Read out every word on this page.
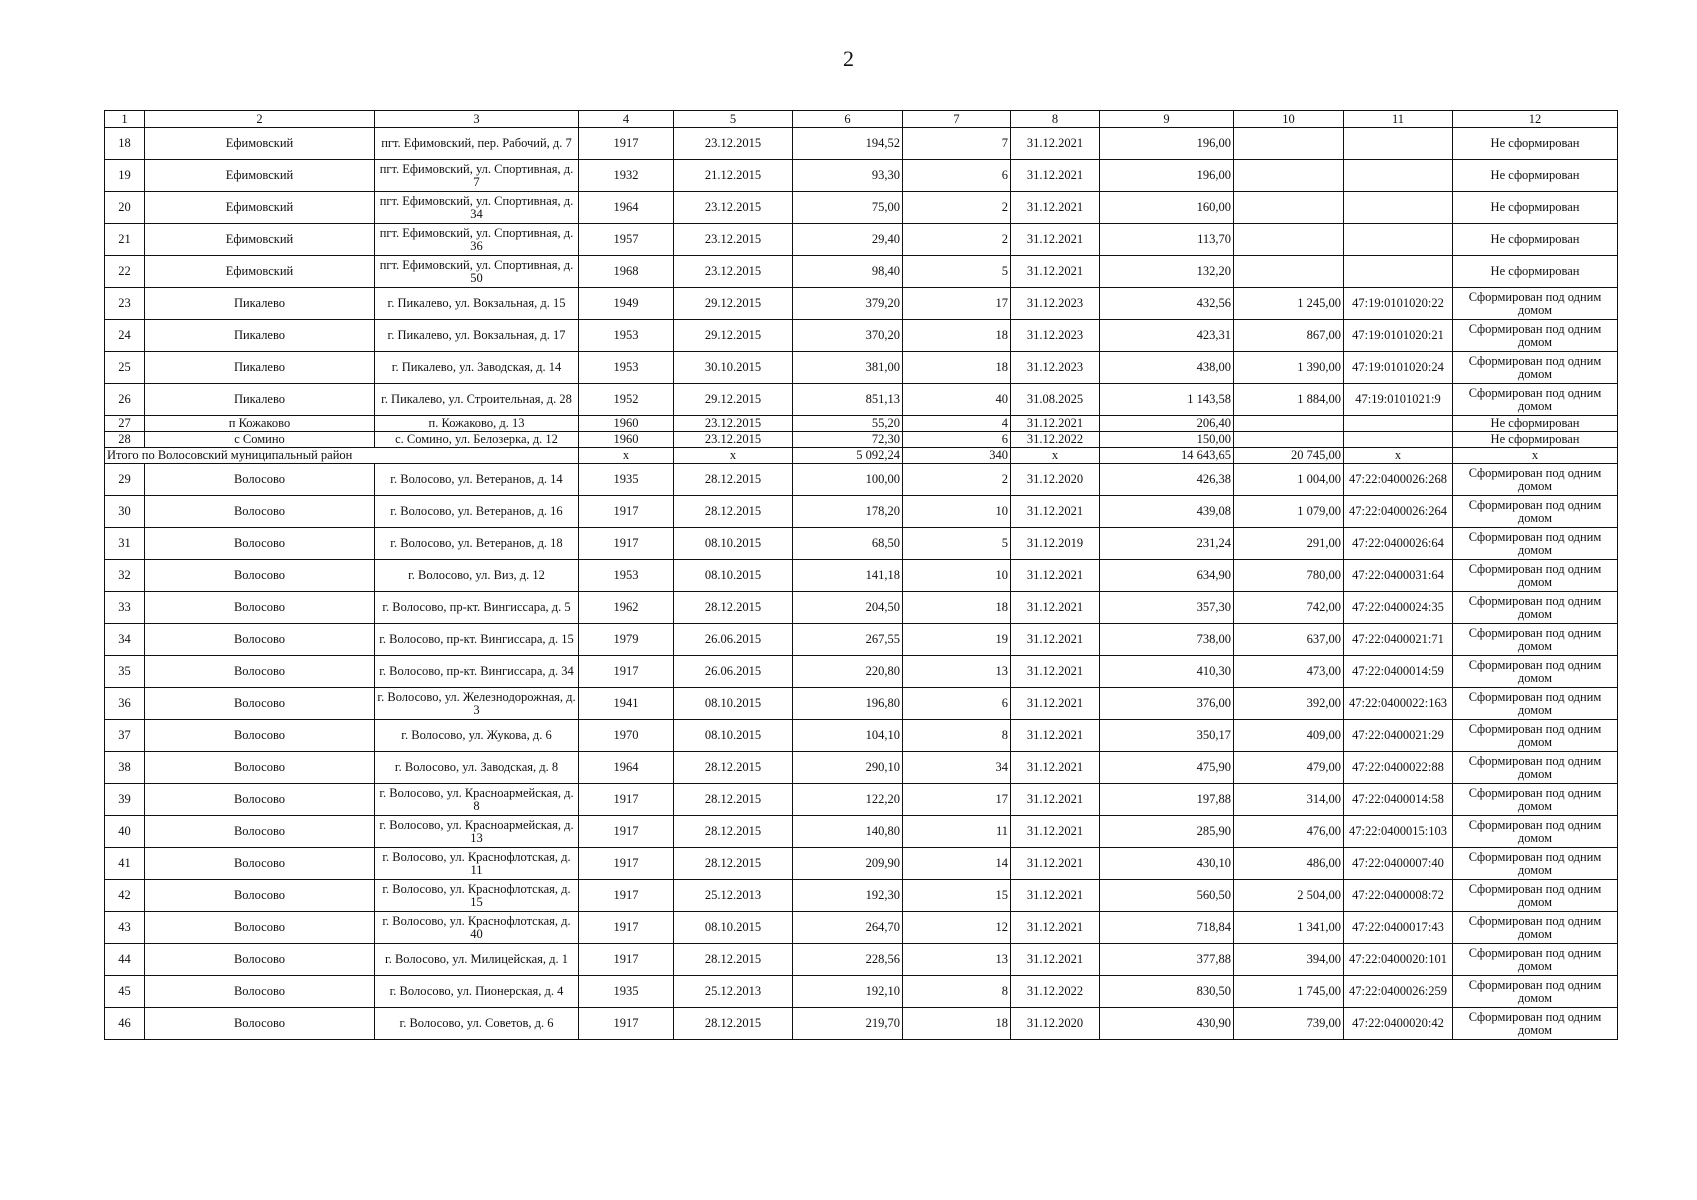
2
1	2	3	4	5	6	7	8	9	10	11	12
18	Ефимовский	пгт. Ефимовский, пер. Рабочий, д. 7	1917	23.12.2015	194,52	7	31.12.2021	196,00			Не сформирован
19	Ефимовский	пгт. Ефимовский, ул. Спортивная, д. 7	1932	21.12.2015	93,30	6	31.12.2021	196,00			Не сформирован
20	Ефимовский	пгт. Ефимовский, ул. Спортивная, д. 34	1964	23.12.2015	75,00	2	31.12.2021	160,00			Не сформирован
21	Ефимовский	пгт. Ефимовский, ул. Спортивная, д. 36	1957	23.12.2015	29,40	2	31.12.2021	113,70			Не сформирован
22	Ефимовский	пгт. Ефимовский, ул. Спортивная, д. 50	1968	23.12.2015	98,40	5	31.12.2021	132,20			Не сформирован
23	Пикалево	г. Пикалево, ул. Вокзальная, д. 15	1949	29.12.2015	379,20	17	31.12.2023	432,56	1 245,00	47:19:0101020:22	Сформирован под одним домом
24	Пикалево	г. Пикалево, ул. Вокзальная, д. 17	1953	29.12.2015	370,20	18	31.12.2023	423,31	867,00	47:19:0101020:21	Сформирован под одним домом
25	Пикалево	г. Пикалево, ул. Заводская, д. 14	1953	30.10.2015	381,00	18	31.12.2023	438,00	1 390,00	47:19:0101020:24	Сформирован под одним домом
26	Пикалево	г. Пикалево, ул. Строительная, д. 28	1952	29.12.2015	851,13	40	31.08.2025	1 143,58	1 884,00	47:19:0101021:9	Сформирован под одним домом
27	п Кожаково	п. Кожаково, д. 13	1960	23.12.2015	55,20	4	31.12.2021	206,40			Не сформирован
28	с Сомино	с. Сомино, ул. Белозерка, д. 12	1960	23.12.2015	72,30	6	31.12.2022	150,00			Не сформирован
Итого по Волосовский муниципальный район			x	x	5 092,24	340	x	14 643,65	20 745,00	x	x
29	Волосово	г. Волосово, ул. Ветеранов, д. 14	1935	28.12.2015	100,00	2	31.12.2020	426,38	1 004,00	47:22:0400026:268	Сформирован под одним домом
30	Волосово	г. Волосово, ул. Ветеранов, д. 16	1917	28.12.2015	178,20	10	31.12.2021	439,08	1 079,00	47:22:0400026:264	Сформирован под одним домом
31	Волосово	г. Волосово, ул. Ветеранов, д. 18	1917	08.10.2015	68,50	5	31.12.2019	231,24	291,00	47:22:0400026:64	Сформирован под одним домом
32	Волосово	г. Волосово, ул. Виз, д. 12	1953	08.10.2015	141,18	10	31.12.2021	634,90	780,00	47:22:0400031:64	Сформирован под одним домом
33	Волосово	г. Волосово, пр-кт. Вингиссара, д. 5	1962	28.12.2015	204,50	18	31.12.2021	357,30	742,00	47:22:0400024:35	Сформирован под одним домом
34	Волосово	г. Волосово, пр-кт. Вингиссара, д. 15	1979	26.06.2015	267,55	19	31.12.2021	738,00	637,00	47:22:0400021:71	Сформирован под одним домом
35	Волосово	г. Волосово, пр-кт. Вингиссара, д. 34	1917	26.06.2015	220,80	13	31.12.2021	410,30	473,00	47:22:0400014:59	Сформирован под одним домом
36	Волосово	г. Волосово, ул. Железнодорожная, д. 3	1941	08.10.2015	196,80	6	31.12.2021	376,00	392,00	47:22:0400022:163	Сформирован под одним домом
37	Волосово	г. Волосово, ул. Жукова, д. 6	1970	08.10.2015	104,10	8	31.12.2021	350,17	409,00	47:22:0400021:29	Сформирован под одним домом
38	Волосово	г. Волосово, ул. Заводская, д. 8	1964	28.12.2015	290,10	34	31.12.2021	475,90	479,00	47:22:0400022:88	Сформирован под одним домом
39	Волосово	г. Волосово, ул. Красноармейская, д. 8	1917	28.12.2015	122,20	17	31.12.2021	197,88	314,00	47:22:0400014:58	Сформирован под одним домом
40	Волосово	г. Волосово, ул. Красноармейская, д. 13	1917	28.12.2015	140,80	11	31.12.2021	285,90	476,00	47:22:0400015:103	Сформирован под одним домом
41	Волосово	г. Волосово, ул. Краснофлотская, д. 11	1917	28.12.2015	209,90	14	31.12.2021	430,10	486,00	47:22:0400007:40	Сформирован под одним домом
42	Волосово	г. Волосово, ул. Краснофлотская, д. 15	1917	25.12.2013	192,30	15	31.12.2021	560,50	2 504,00	47:22:0400008:72	Сформирован под одним домом
43	Волосово	г. Волосово, ул. Краснофлотская, д. 40	1917	08.10.2015	264,70	12	31.12.2021	718,84	1 341,00	47:22:0400017:43	Сформирован под одним домом
44	Волосово	г. Волосово, ул. Милицейская, д. 1	1917	28.12.2015	228,56	13	31.12.2021	377,88	394,00	47:22:0400020:101	Сформирован под одним домом
45	Волосово	г. Волосово, ул. Пионерская, д. 4	1935	25.12.2013	192,10	8	31.12.2022	830,50	1 745,00	47:22:0400026:259	Сформирован под одним домом
46	Волосово	г. Волосово, ул. Советов, д. 6	1917	28.12.2015	219,70	18	31.12.2020	430,90	739,00	47:22:0400020:42	Сформирован под одним домом
